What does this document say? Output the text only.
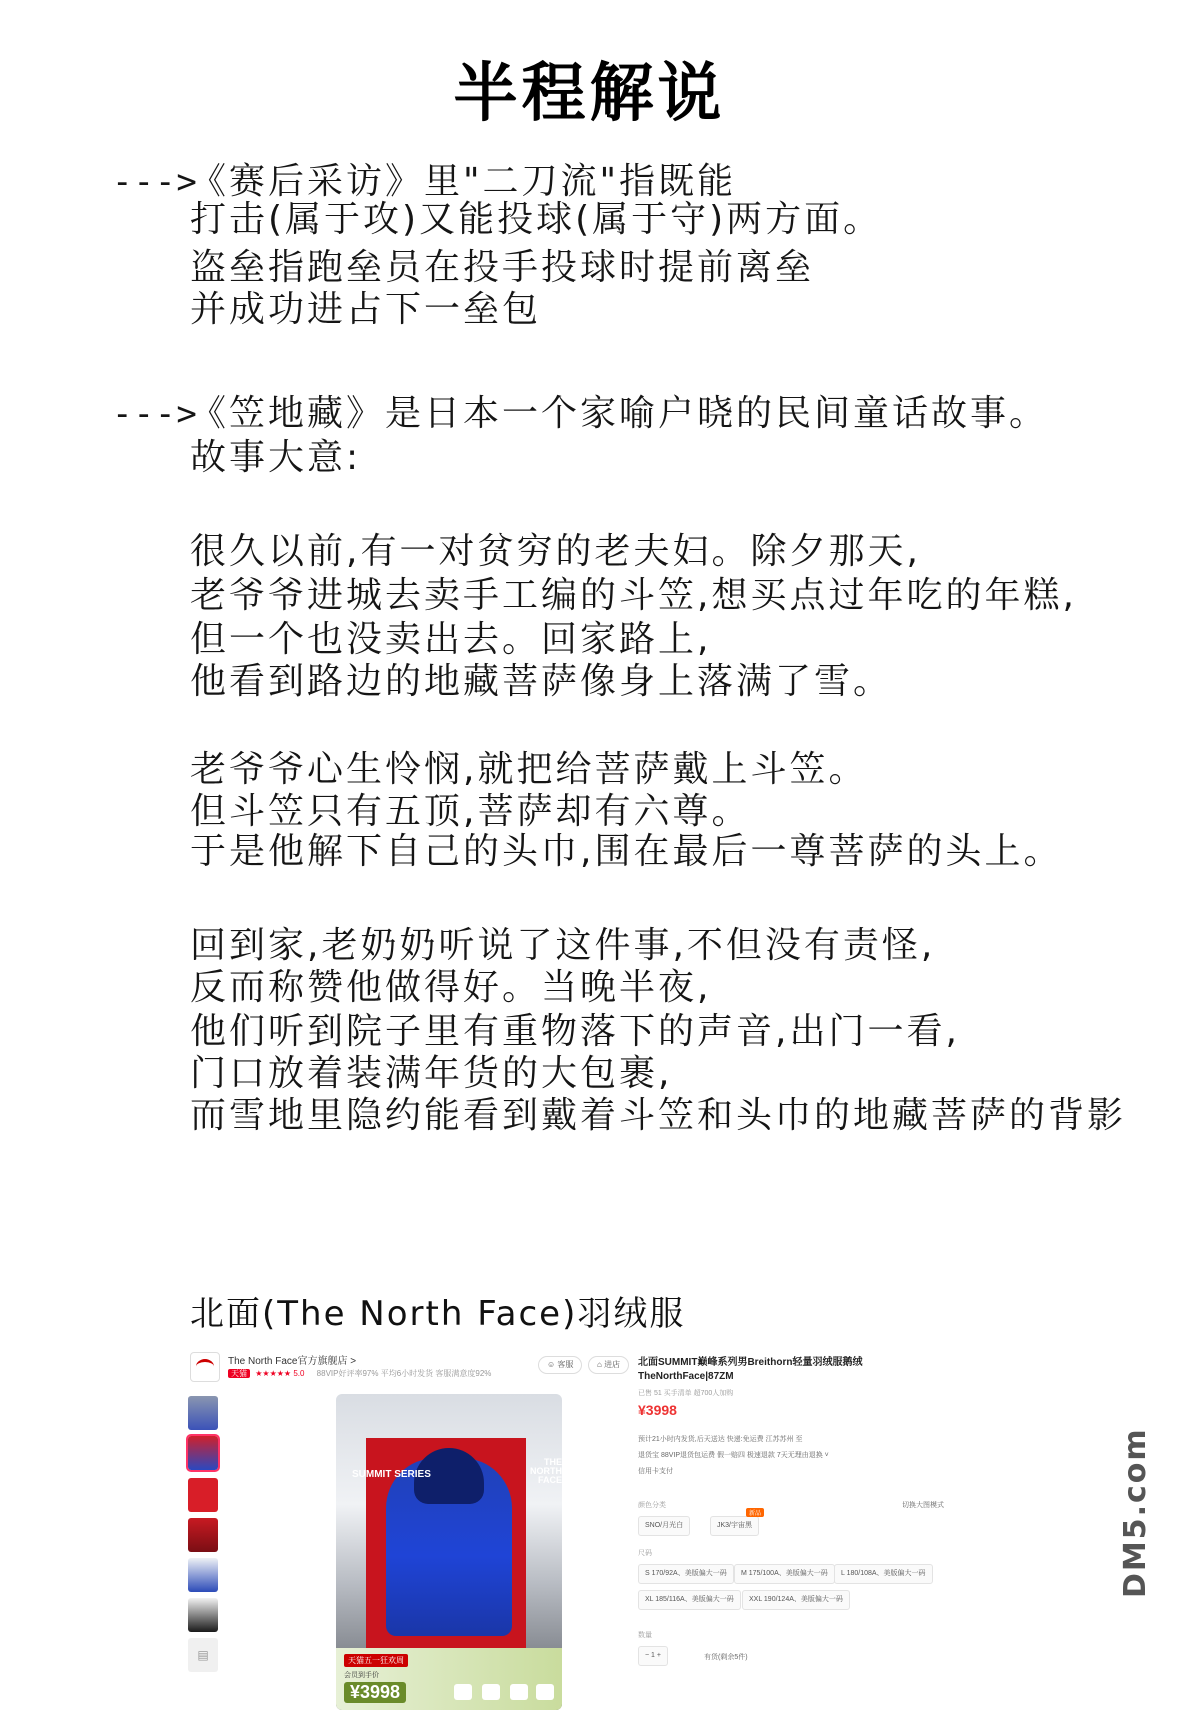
半程解说
--->
《赛后采访》里"二刀流"指既能
打击(属于攻)又能投球(属于守)两方面。
盗垒指跑垒员在投手投球时提前离垒
并成功进占下一垒包
--->
《笠地藏》是日本一个家喻户晓的民间童话故事。
故事大意:
很久以前,有一对贫穷的老夫妇。除夕那天,
老爷爷进城去卖手工编的斗笠,想买点过年吃的年糕,
但一个也没卖出去。回家路上,
他看到路边的地藏菩萨像身上落满了雪。
老爷爷心生怜悯,就把给菩萨戴上斗笠。
但斗笠只有五顶,菩萨却有六尊。
于是他解下自己的头巾,围在最后一尊菩萨的头上。
回到家,老奶奶听说了这件事,不但没有责怪,
反而称赞他做得好。当晚半夜,
他们听到院子里有重物落下的声音,出门一看,
门口放着装满年货的大包裹,
而雪地里隐约能看到戴着斗笠和头巾的地藏菩萨的背影
北面(The North Face)羽绒服
The North Face官方旗舰店 >
天猫 ★★★★★ 5.0 88VIP好评率97% 平均6小时发货 客服满意度92%
☺ 客服	⌂ 进店
▤
SUMMIT SERIES
THE NORTH FACE
天猫五一狂欢周
会员到手价
¥3998
北面SUMMIT巅峰系列男Breithorn轻量羽绒服鹅绒TheNorthFace|87ZM
已售 51 买手清单 超700人加购
¥3998
预计21小时内发货,后天送达 快递:免运费 江苏苏州 至
退货宝 88VIP退货包运费 假一赔四 极速退款 7天无理由退换 ˅
信用卡支付
颜色分类	切换大图模式
SNO/月光白	JK3/宇宙黑
新品
尺码
S 170/92A、美版偏大一码	M 175/100A、美版偏大一码	L 180/108A、美版偏大一码
XL 185/116A、美版偏大一码	XXL 190/124A、美版偏大一码
数量
− 1 +	有货(剩余5件)
DM5.com
